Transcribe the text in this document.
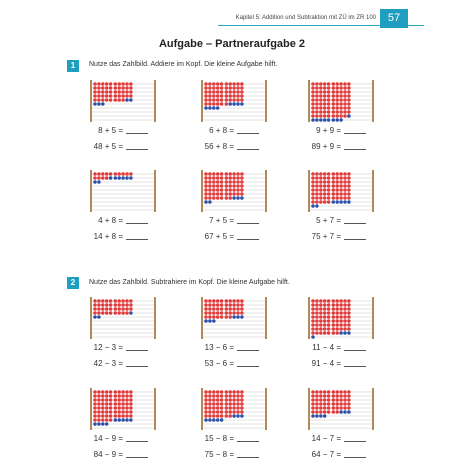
Kapitel 5: Addition und Subtraktion mit ZÜ im ZR 100	57
Aufgabe – Partneraufgabe 2
1	Nutze das Zahlbild. Addiere im Kopf. Die kleine Aufgabe hilft.
2	Nutze das Zahlbild. Subtrahiere im Kopf. Die kleine Aufgabe hilft.
8 + 5 =
48 + 5 =
6 + 8 =
56 + 8 =
9 + 9 =
89 + 9 =
4 + 8 =
14 + 8 =
7 + 5 =
67 + 5 =
5 + 7 =
75 + 7 =
12 − 3 =
42 − 3 =
13 − 6 =
53 − 6 =
11 − 4 =
91 − 4 =
14 − 9 =
84 − 9 =
15 − 8 =
75 − 8 =
14 − 7 =
64 − 7 =
